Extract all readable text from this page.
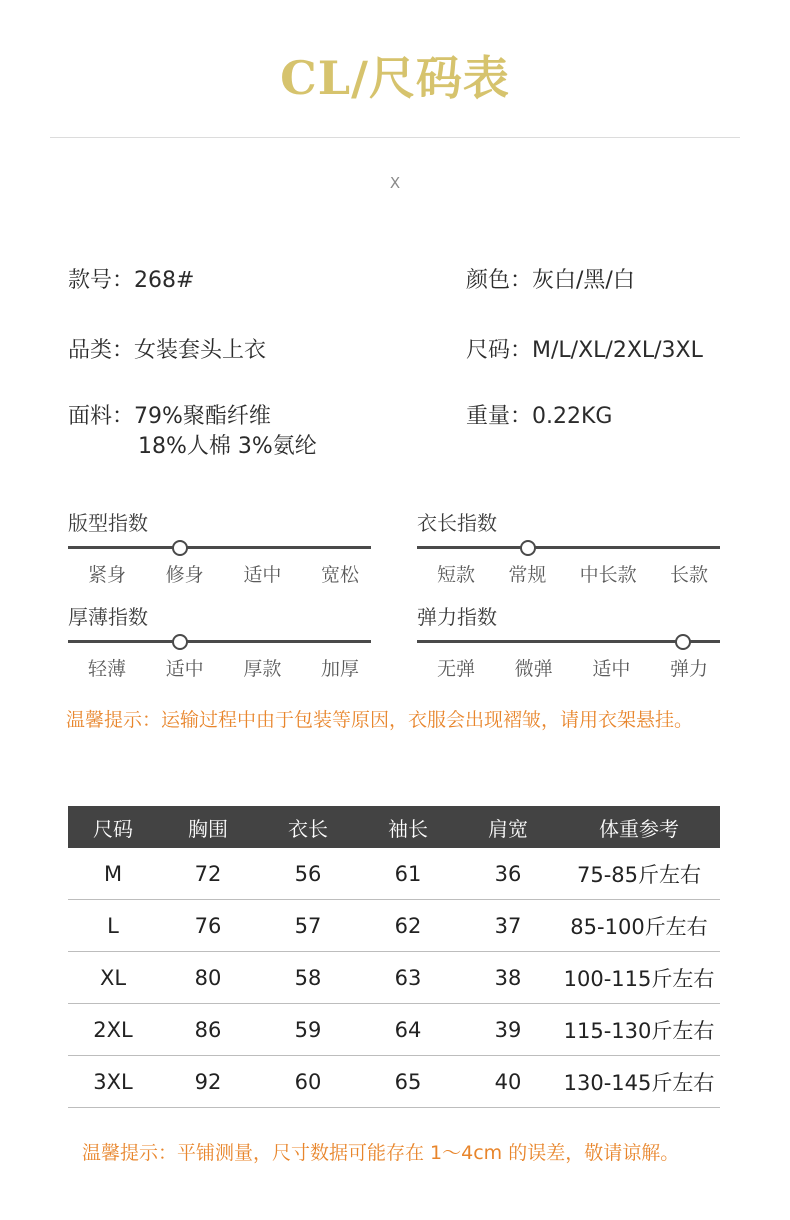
CL/尺码表
X
款号：268#	颜色：灰白/黑/白
品类：女装套头上衣	尺码：M/L/XL/2XL/3XL
面料：79%聚酯纤维
18%人棉 3%氨纶
重量：0.22KG
版型指数
紧身 修身 适中 宽松
衣长指数
短款 常规 中长款 长款
厚薄指数
轻薄 适中 厚款 加厚
弹力指数
无弹 微弹 适中 弹力
温馨提示：运输过程中由于包装等原因，衣服会出现褶皱，请用衣架悬挂。
尺码	胸围	衣长	袖长	肩宽	体重参考
M	72	56	61	36	75-85斤左右
L	76	57	62	37	85-100斤左右
XL	80	58	63	38	100-115斤左右
2XL	86	59	64	39	115-130斤左右
3XL	92	60	65	40	130-145斤左右
温馨提示：平铺测量，尺寸数据可能存在 1～4cm 的误差，敬请谅解。
